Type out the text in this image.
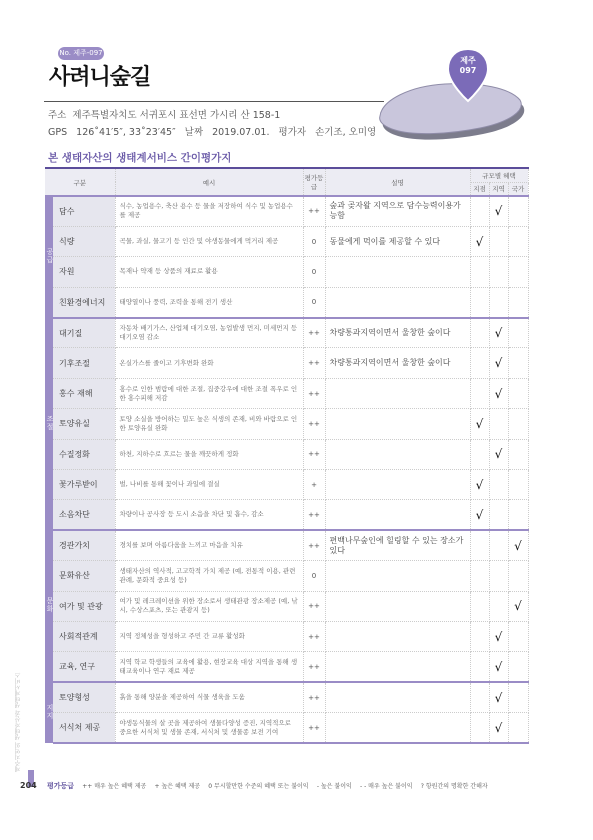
No. 제주-097
사려니숲길
제주
097
주소 제주특별자치도 서귀포시 표선면 가시리 산 158-1
GPS 126˚41′5″, 33˚23′45″ 날짜 2019.07.01. 평가자 손기조, 오미영
본 생태자산의 생태계서비스 간이평가지
구분		예시	평가등급	설명	규모별 혜택		
					지점	지역	국가
공급	담수	식수, 농업용수, 축산 용수 등 물을 저장하여 식수 및 농업용수를 제공	++	숲과 곶자왈 지역으로 담수능력이용가능함		√	
	식량	곡물, 과실, 물고기 등 인간 및 야생동물에게 먹거리 제공	0	동물에게 먹이를 제공할 수 있다	√		
	자원	목재나 약재 등 상품의 재료로 활용	0				
	친환경에너지	태양열이나 풍력, 조력을 통해 전기 생산	0				
조절	대기질	자동차 배기가스, 산업체 대기오염, 농업발생 먼지, 미세먼지 등 대기오염 감소	++	차량통과지역이면서 울창한 숲이다		√	
	기후조절	온실가스를 줄이고 기후변화 완화	++	차량통과지역이면서 울창한 숲이다		√	
	홍수 재해	홍수로 인한 범람에 대한 조절, 집중강우에 대한 조절 폭우로 인한 홍수피해 저감	++			√	
	토양유실	토양 소실을 방어하는 밀도 높은 식생의 존재, 비와 바람으로 인한 토양유실 완화	++		√		
	수질정화	하천, 지하수로 흐르는 물을 깨끗하게 정화	++			√	
	꽃가루받이	벌, 나비를 통해 꽃이나 과일에 결실	+		√		
	소음차단	차량이나 공사장 등 도시 소음을 차단 및 흡수, 감소	++		√		
문화	경관가치	경치를 보며 아름다움을 느끼고 마음을 치유	++	편백나무숲인에 힐링할 수 있는 장소가 있다			√
	문화유산	생태자산의 역사적, 고고학적 가치 제공 (예, 전통적 이용, 관련 관례, 문화적 중요성 등)	0				
	여가 및 관광	여가 및 레크레이션을 위한 장소로서 생태관광 장소제공 (예, 낚시, 수상스포츠, 또는 관광지 등)	++				√
	사회적관계	지역 정체성을 형성하고 주민 간 교류 활성화	++			√	
	교육, 연구	지역 학교 학생들의 교육에 활용, 현장교육 대상 지역을 통해 생태교육이나 연구 재료 제공	++			√	
지지	토양형성	흙을 통해 양분을 제공하여 식물 생육을 도움	++			√	
	서식처 제공	야생동식물의 살 곳을 제공하여 생물다양성 증진, 지역적으로 중요한 서식처 및 생물 존재, 서식처 및 생물종 보전 기여	++			√	
제주지역의 생태자산과 생태계서비스
204 평가등급 ++ 매우 높은 혜택 제공 + 높은 혜택 제공 0 무시할만한 수준의 혜택 또는 불이익 - 높은 불이익 - - 매우 높은 불이익 ? 항원간의 명확한 간해자
